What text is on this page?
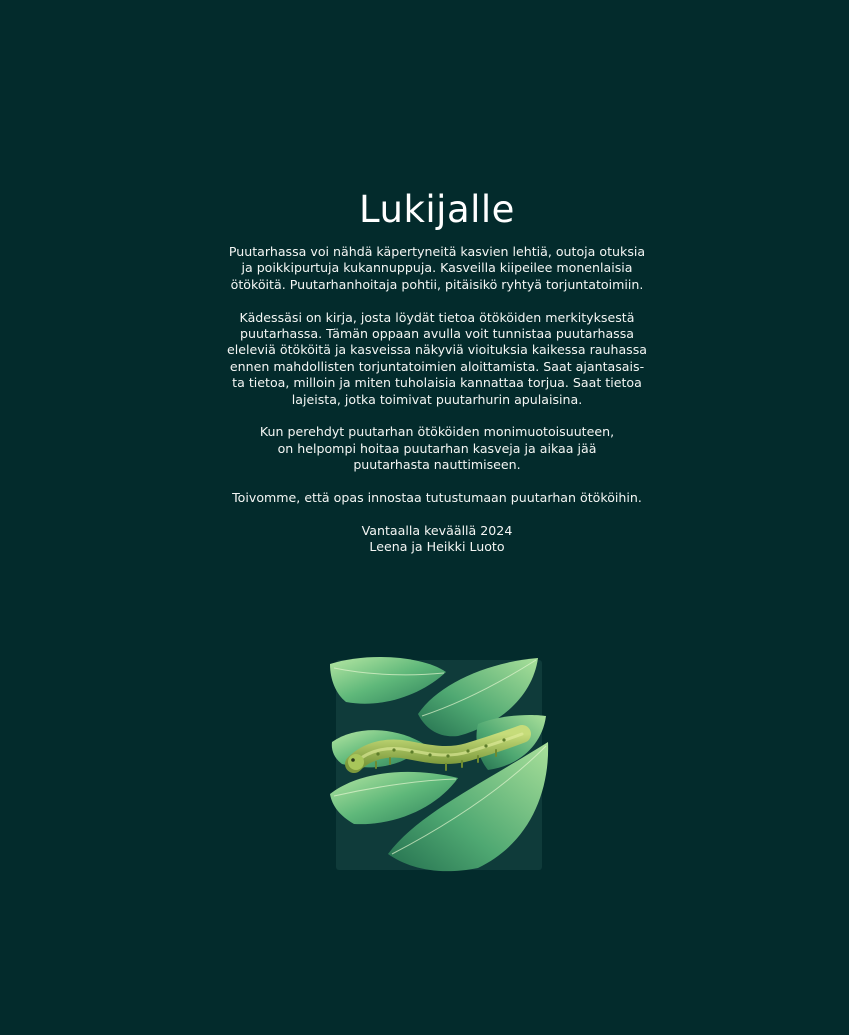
Lukijalle

Puutarhassa voi nähdä käpertyneitä kasvien lehtiä, outoja otuksia
ja poikkipurtuja kukannuppuja. Kasveilla kiipeilee monenlaisia
ötököitä. Puutarhanhoitaja pohtii, pitäisikö ryhtyä torjuntatoimiin.

Kädessäsi on kirja, josta löydät tietoa ötököiden merkityksestä
puutarhassa. Tämän oppaan avulla voit tunnistaa puutarhassa
eleleviä ötököitä ja kasveissa näkyviä vioituksia kaikessa rauhassa
ennen mahdollisten torjuntatoimien aloittamista. Saat ajantasais-
ta tietoa, milloin ja miten tuholaisia kannattaa torjua. Saat tietoa
lajeista, jotka toimivat puutarhurin apulaisina.

Kun perehdyt puutarhan ötököiden monimuotoisuuteen,
on helpompi hoitaa puutarhan kasveja ja aikaa jää
puutarhasta nauttimiseen.

Toivomme, että opas innostaa tutustumaan puutarhan ötököihin.

Vantaalla keväällä 2024
Leena ja Heikki Luoto
